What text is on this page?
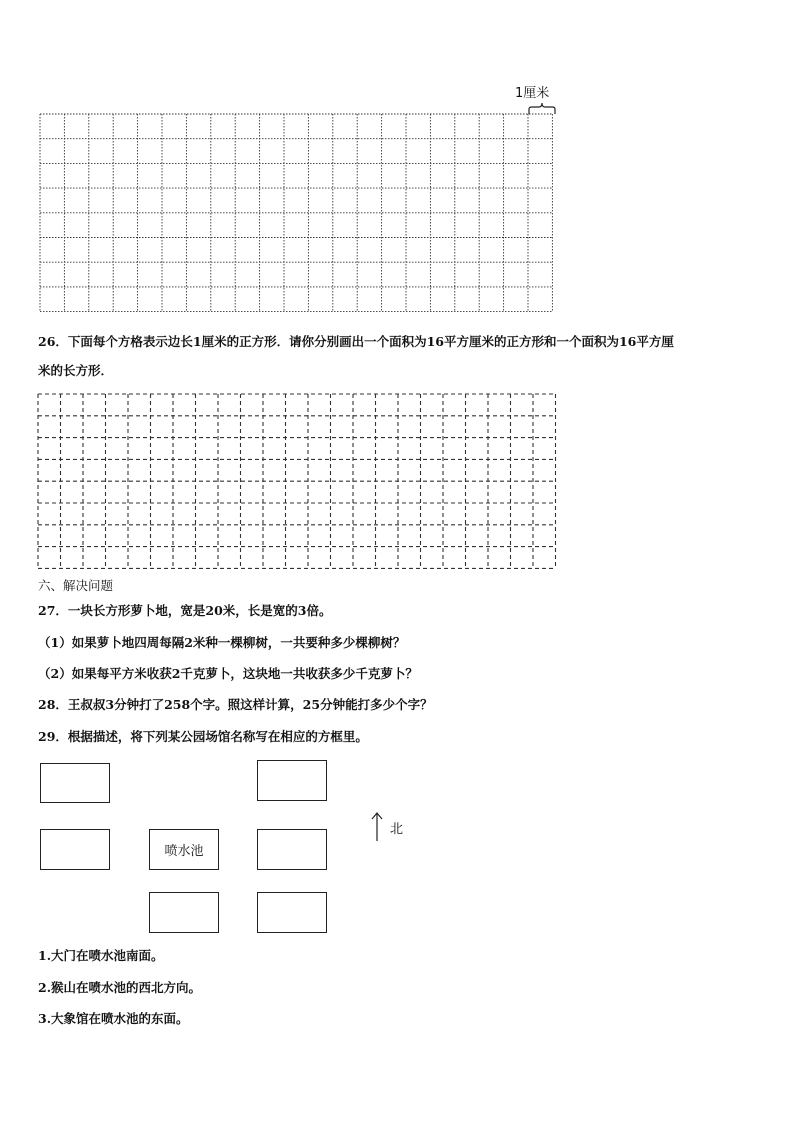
1厘米
26．下面每个方格表示边长1厘米的正方形．请你分别画出一个面积为16平方厘米的正方形和一个面积为16平方厘
米的长方形．
六、解决问题
27．一块长方形萝卜地，宽是20米，长是宽的3倍。
（1）如果萝卜地四周每隔2米种一棵柳树，一共要种多少棵柳树？
（2）如果每平方米收获2千克萝卜，这块地一共收获多少千克萝卜？
28．王叔叔3分钟打了258个字。照这样计算，25分钟能打多少个字？
29．根据描述，将下列某公园场馆名称写在相应的方框里。
喷水池
北
1.大门在喷水池南面。
2.猴山在喷水池的西北方向。
3.大象馆在喷水池的东面。
